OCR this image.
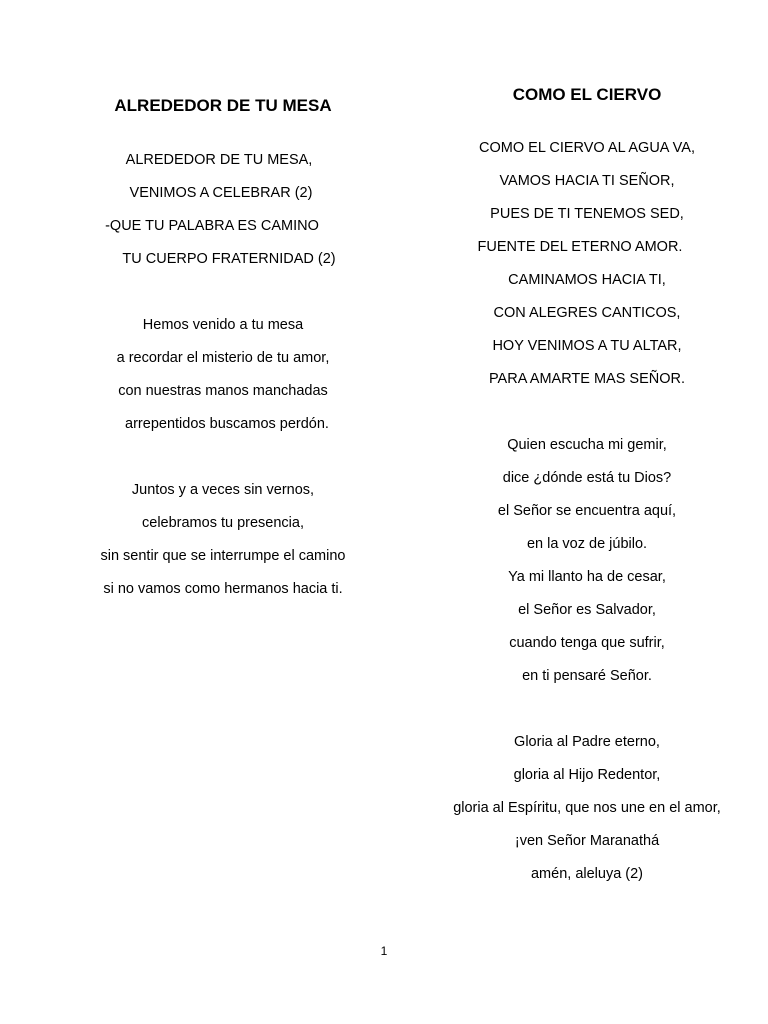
ALREDEDOR DE TU MESA
ALREDEDOR DE TU MESA,
VENIMOS A CELEBRAR (2)
-QUE TU PALABRA ES CAMINO
TU CUERPO FRATERNIDAD (2)
Hemos venido a tu mesa
a recordar el misterio de tu amor,
con nuestras manos manchadas
arrepentidos buscamos perdón.
Juntos y a veces sin vernos,
celebramos tu presencia,
sin sentir que se interrumpe el camino
si no vamos como hermanos hacia ti.
COMO EL CIERVO
COMO EL CIERVO AL AGUA VA,
VAMOS HACIA TI SEÑOR,
PUES DE TI TENEMOS SED,
FUENTE DEL ETERNO AMOR.
CAMINAMOS HACIA TI,
CON ALEGRES CANTICOS,
HOY VENIMOS A TU ALTAR,
PARA AMARTE MAS SEÑOR.
Quien escucha mi gemir,
dice ¿dónde está tu Dios?
el Señor se encuentra aquí,
en la voz de júbilo.
Ya mi llanto ha de cesar,
el Señor es Salvador,
cuando tenga que sufrir,
en ti pensaré Señor.
Gloria al Padre eterno,
gloria al Hijo Redentor,
gloria al Espíritu, que nos une en el amor,
¡ven Señor Maranathá
amén, aleluya (2)
1
